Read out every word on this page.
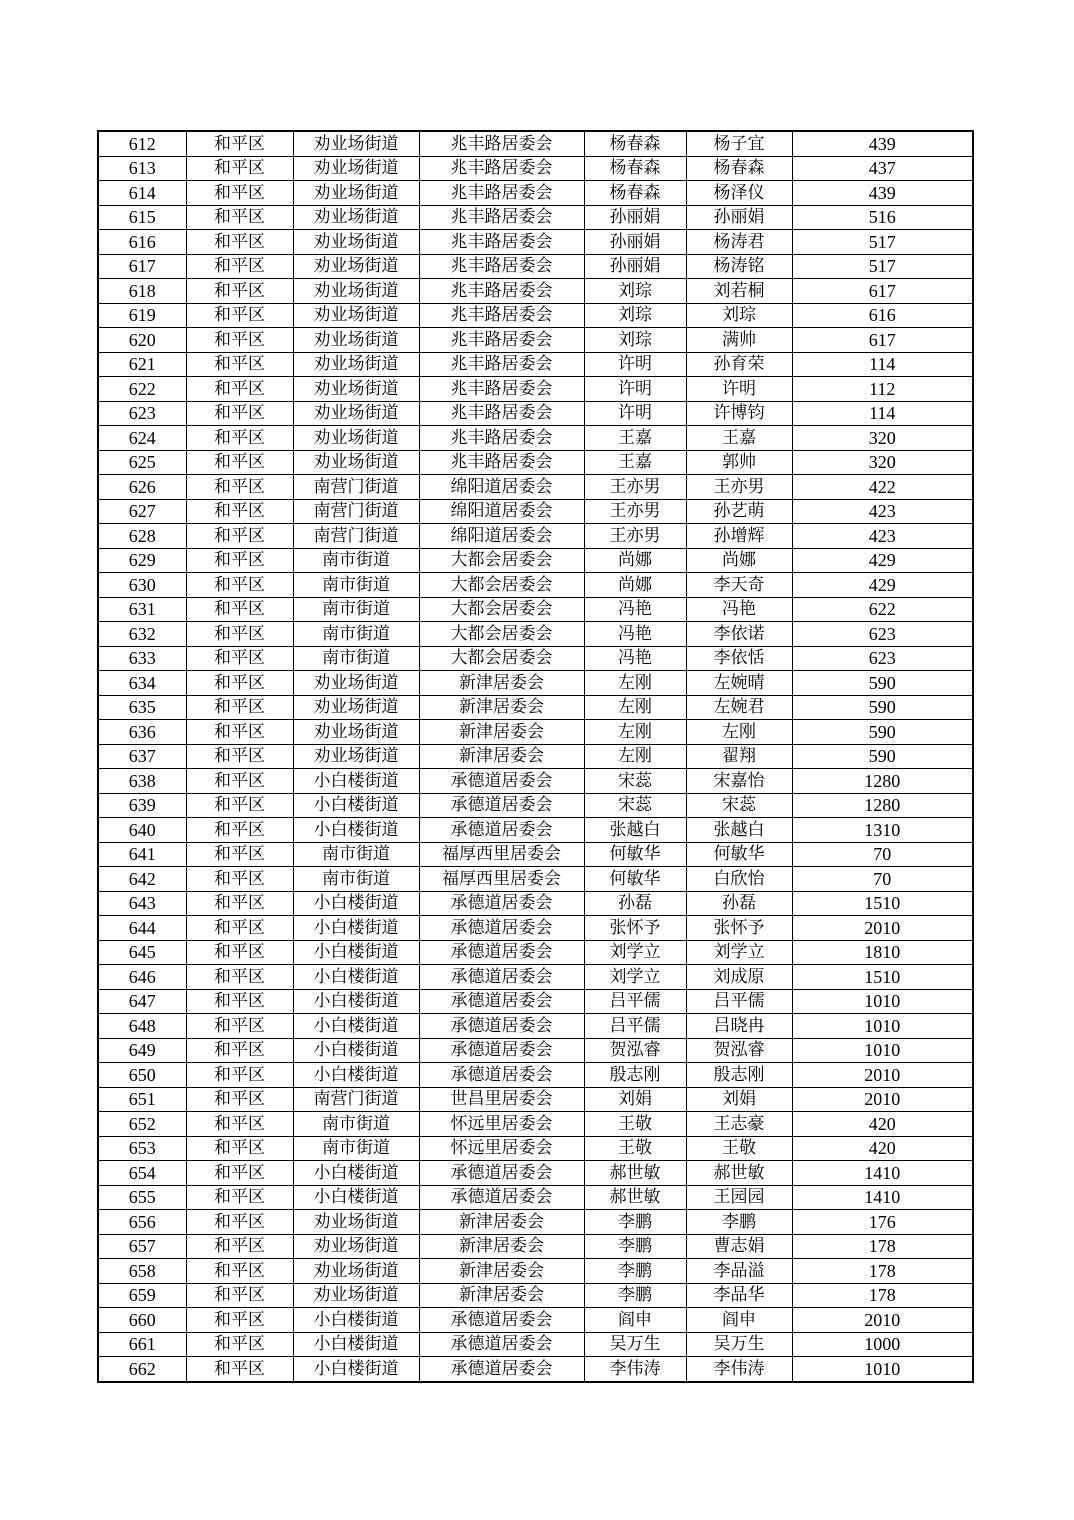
612	和平区	劝业场街道	兆丰路居委会	杨春森	杨子宜	439
613	和平区	劝业场街道	兆丰路居委会	杨春森	杨春森	437
614	和平区	劝业场街道	兆丰路居委会	杨春森	杨泽仪	439
615	和平区	劝业场街道	兆丰路居委会	孙丽娟	孙丽娟	516
616	和平区	劝业场街道	兆丰路居委会	孙丽娟	杨涛君	517
617	和平区	劝业场街道	兆丰路居委会	孙丽娟	杨涛铭	517
618	和平区	劝业场街道	兆丰路居委会	刘琮	刘若桐	617
619	和平区	劝业场街道	兆丰路居委会	刘琮	刘琮	616
620	和平区	劝业场街道	兆丰路居委会	刘琮	满帅	617
621	和平区	劝业场街道	兆丰路居委会	许明	孙育荣	114
622	和平区	劝业场街道	兆丰路居委会	许明	许明	112
623	和平区	劝业场街道	兆丰路居委会	许明	许博钧	114
624	和平区	劝业场街道	兆丰路居委会	王嘉	王嘉	320
625	和平区	劝业场街道	兆丰路居委会	王嘉	郭帅	320
626	和平区	南营门街道	绵阳道居委会	王亦男	王亦男	422
627	和平区	南营门街道	绵阳道居委会	王亦男	孙艺萌	423
628	和平区	南营门街道	绵阳道居委会	王亦男	孙增辉	423
629	和平区	南市街道	大都会居委会	尚娜	尚娜	429
630	和平区	南市街道	大都会居委会	尚娜	李天奇	429
631	和平区	南市街道	大都会居委会	冯艳	冯艳	622
632	和平区	南市街道	大都会居委会	冯艳	李依诺	623
633	和平区	南市街道	大都会居委会	冯艳	李依恬	623
634	和平区	劝业场街道	新津居委会	左刚	左婉晴	590
635	和平区	劝业场街道	新津居委会	左刚	左婉君	590
636	和平区	劝业场街道	新津居委会	左刚	左刚	590
637	和平区	劝业场街道	新津居委会	左刚	翟翔	590
638	和平区	小白楼街道	承德道居委会	宋蕊	宋嘉怡	1280
639	和平区	小白楼街道	承德道居委会	宋蕊	宋蕊	1280
640	和平区	小白楼街道	承德道居委会	张越白	张越白	1310
641	和平区	南市街道	福厚西里居委会	何敏华	何敏华	70
642	和平区	南市街道	福厚西里居委会	何敏华	白欣怡	70
643	和平区	小白楼街道	承德道居委会	孙磊	孙磊	1510
644	和平区	小白楼街道	承德道居委会	张怀予	张怀予	2010
645	和平区	小白楼街道	承德道居委会	刘学立	刘学立	1810
646	和平区	小白楼街道	承德道居委会	刘学立	刘成原	1510
647	和平区	小白楼街道	承德道居委会	吕平儒	吕平儒	1010
648	和平区	小白楼街道	承德道居委会	吕平儒	吕晓冉	1010
649	和平区	小白楼街道	承德道居委会	贺泓睿	贺泓睿	1010
650	和平区	小白楼街道	承德道居委会	殷志刚	殷志刚	2010
651	和平区	南营门街道	世昌里居委会	刘娟	刘娟	2010
652	和平区	南市街道	怀远里居委会	王敬	王志豪	420
653	和平区	南市街道	怀远里居委会	王敬	王敬	420
654	和平区	小白楼街道	承德道居委会	郝世敏	郝世敏	1410
655	和平区	小白楼街道	承德道居委会	郝世敏	王园园	1410
656	和平区	劝业场街道	新津居委会	李鹏	李鹏	176
657	和平区	劝业场街道	新津居委会	李鹏	曹志娟	178
658	和平区	劝业场街道	新津居委会	李鹏	李品溢	178
659	和平区	劝业场街道	新津居委会	李鹏	李品华	178
660	和平区	小白楼街道	承德道居委会	阎申	阎申	2010
661	和平区	小白楼街道	承德道居委会	吴万生	吴万生	1000
662	和平区	小白楼街道	承德道居委会	李伟涛	李伟涛	1010
